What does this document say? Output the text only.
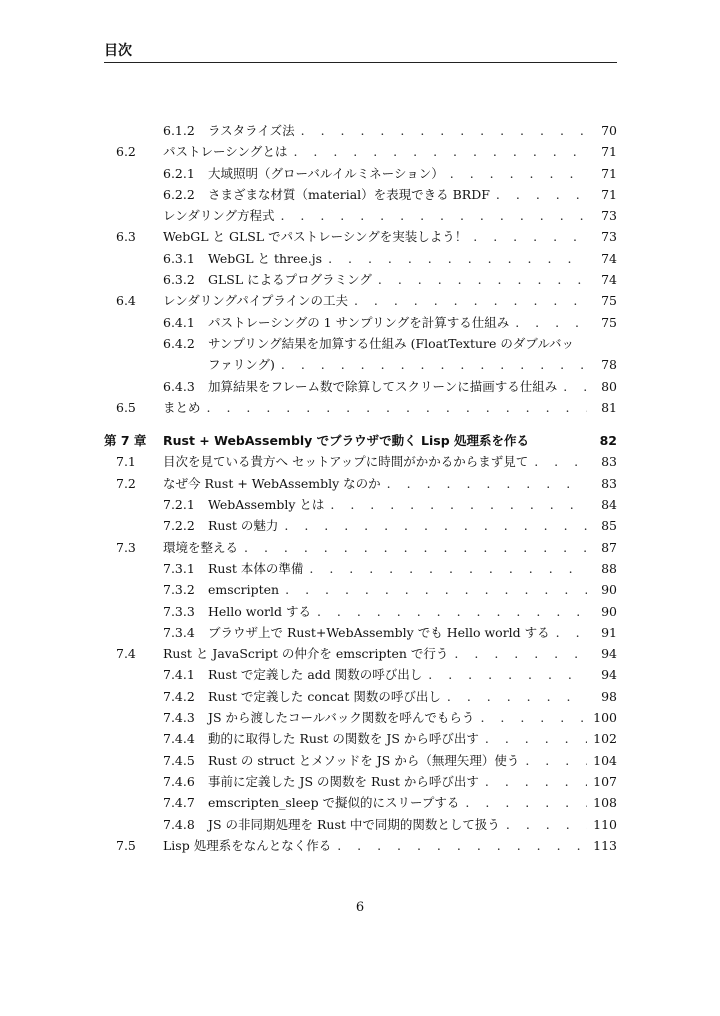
目次
6.1.2 ラスタライズ法 . . .	70
6.2	パストレーシングとは . . .	71
6.2.1 大域照明（グローバルイルミネーション） . . .	71
6.2.2 さまざまな材質（material）を表現できる BRDF . . .	71
レンダリング方程式 . . .	73
6.3	WebGL と GLSL でパストレーシングを実装しよう！ . . .	73
6.3.1 WebGL と three.js . . .	74
6.3.2 GLSL によるプログラミング . . .	74
6.4	レンダリングパイプラインの工夫 . . .	75
6.4.1 パストレーシングの 1 サンプリングを計算する仕組み . . .	75
6.4.2 サンプリング結果を加算する仕組み (FloatTexture のダブルバッ
ファリング) . . .	78
6.4.3 加算結果をフレーム数で除算してスクリーンに描画する仕組み . . .	80
6.5	まとめ . . .	81
第 7 章 Rust + WebAssembly でブラウザで動く Lisp 処理系を作る	82
7.1	目次を見ている貴方へ セットアップに時間がかかるからまず見て . . .	83
7.2	なぜ今 Rust + WebAssembly なのか . . .	83
7.2.1 WebAssembly とは . . .	84
7.2.2 Rust の魅力 . . .	85
7.3	環境を整える . . .	87
7.3.1 Rust 本体の準備 . . .	88
7.3.2 emscripten . . .	90
7.3.3 Hello world する . . .	90
7.3.4 ブラウザ上で Rust+WebAssembly でも Hello world する . . .	91
7.4	Rust と JavaScript の仲介を emscripten で行う . . .	94
7.4.1 Rust で定義した add 関数の呼び出し . . .	94
7.4.2 Rust で定義した concat 関数の呼び出し . . .	98
7.4.3 JS から渡したコールバック関数を呼んでもらう . . .	100
7.4.4 動的に取得した Rust の関数を JS から呼び出す . . .	102
7.4.5 Rust の struct とメソッドを JS から（無理矢理）使う . . .	104
7.4.6 事前に定義した JS の関数を Rust から呼び出す . . .	107
7.4.7 emscripten_sleep で擬似的にスリープする . . .	108
7.4.8 JS の非同期処理を Rust 中で同期的関数として扱う . . .	110
7.5	Lisp 処理系をなんとなく作る . . .	113
6
